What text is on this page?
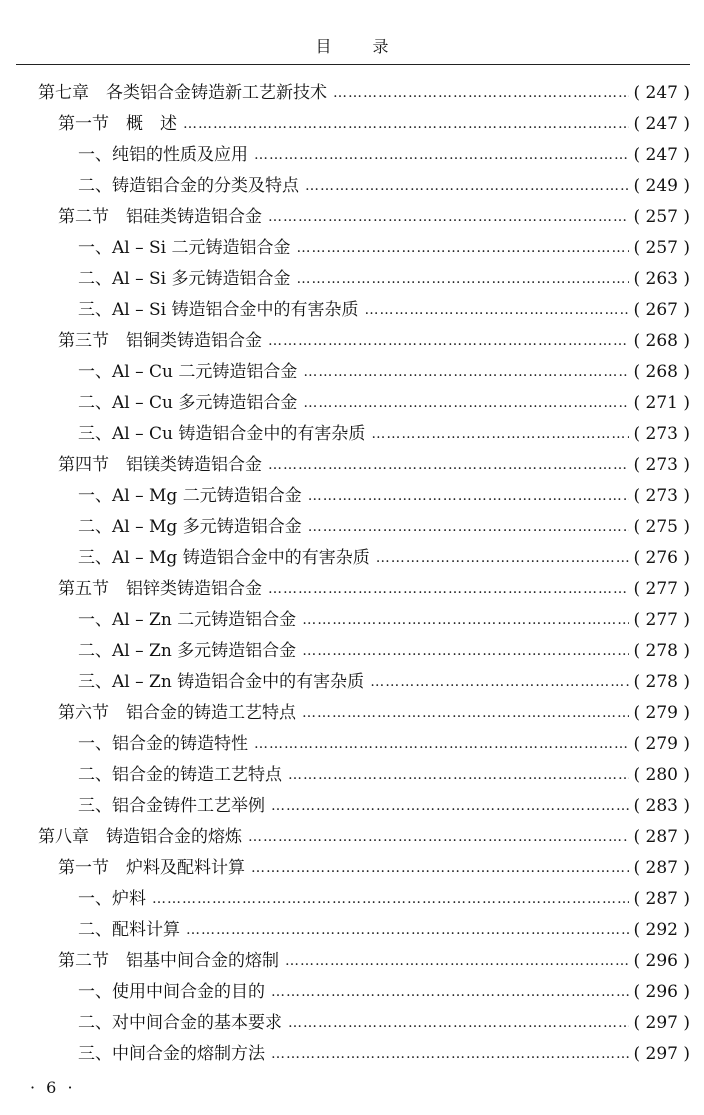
目 录
第七章　各类铝合金铸造新工艺新技术 ……………………………………………………………………………………………………………………………………………………	( 247 )
第一节　概　述 ……………………………………………………………………………………………………………………………………………………	( 247 )
一、纯铝的性质及应用 ……………………………………………………………………………………………………………………………………………………	( 247 )
二、铸造铝合金的分类及特点 ……………………………………………………………………………………………………………………………………………………	( 249 )
第二节　铝硅类铸造铝合金 ……………………………………………………………………………………………………………………………………………………	( 257 )
一、Al – Si 二元铸造铝合金 ……………………………………………………………………………………………………………………………………………………	( 257 )
二、Al – Si 多元铸造铝合金 ……………………………………………………………………………………………………………………………………………………	( 263 )
三、Al – Si 铸造铝合金中的有害杂质 ……………………………………………………………………………………………………………………………………………………	( 267 )
第三节　铝铜类铸造铝合金 ……………………………………………………………………………………………………………………………………………………	( 268 )
一、Al – Cu 二元铸造铝合金 ……………………………………………………………………………………………………………………………………………………	( 268 )
二、Al – Cu 多元铸造铝合金 ……………………………………………………………………………………………………………………………………………………	( 271 )
三、Al – Cu 铸造铝合金中的有害杂质 ……………………………………………………………………………………………………………………………………………………	( 273 )
第四节　铝镁类铸造铝合金 ……………………………………………………………………………………………………………………………………………………	( 273 )
一、Al – Mg 二元铸造铝合金 ……………………………………………………………………………………………………………………………………………………	( 273 )
二、Al – Mg 多元铸造铝合金 ……………………………………………………………………………………………………………………………………………………	( 275 )
三、Al – Mg 铸造铝合金中的有害杂质 ……………………………………………………………………………………………………………………………………………………	( 276 )
第五节　铝锌类铸造铝合金 ……………………………………………………………………………………………………………………………………………………	( 277 )
一、Al – Zn 二元铸造铝合金 ……………………………………………………………………………………………………………………………………………………	( 277 )
二、Al – Zn 多元铸造铝合金 ……………………………………………………………………………………………………………………………………………………	( 278 )
三、Al – Zn 铸造铝合金中的有害杂质 ……………………………………………………………………………………………………………………………………………………	( 278 )
第六节　铝合金的铸造工艺特点 ……………………………………………………………………………………………………………………………………………………	( 279 )
一、铝合金的铸造特性 ……………………………………………………………………………………………………………………………………………………	( 279 )
二、铝合金的铸造工艺特点 ……………………………………………………………………………………………………………………………………………………	( 280 )
三、铝合金铸件工艺举例 ……………………………………………………………………………………………………………………………………………………	( 283 )
第八章　铸造铝合金的熔炼 ……………………………………………………………………………………………………………………………………………………	( 287 )
第一节　炉料及配料计算 ……………………………………………………………………………………………………………………………………………………	( 287 )
一、炉料 ……………………………………………………………………………………………………………………………………………………	( 287 )
二、配料计算 ……………………………………………………………………………………………………………………………………………………	( 292 )
第二节　铝基中间合金的熔制 ……………………………………………………………………………………………………………………………………………………	( 296 )
一、使用中间合金的目的 ……………………………………………………………………………………………………………………………………………………	( 296 )
二、对中间合金的基本要求 ……………………………………………………………………………………………………………………………………………………	( 297 )
三、中间合金的熔制方法 ……………………………………………………………………………………………………………………………………………………	( 297 )
· 6 ·
